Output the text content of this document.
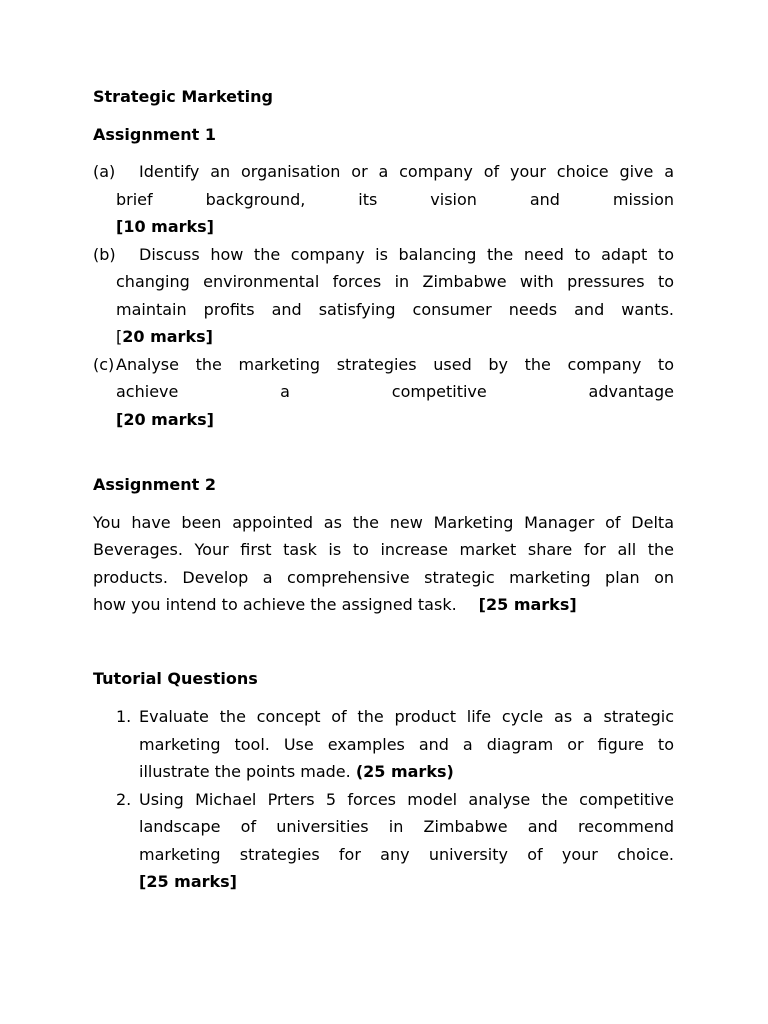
Strategic Marketing

Assignment 1

(a) Identify an organisation or a company of your choice give a

brief background, its vision and mission

[10 marks]

(b) Discuss how the company is balancing the need to adapt to

changing environmental forces in Zimbabwe with pressures to

maintain profits and satisfying consumer needs and wants.

[20 marks]

(c) Analyse the marketing strategies used by the company to

achieve a competitive advantage

[20 marks]

Assignment 2

You have been appointed as the new Marketing Manager of Delta

Beverages. Your first task is to increase market share for all the

products. Develop a comprehensive strategic marketing plan on

how you intend to achieve the assigned task. [25 marks]

Tutorial Questions

1. Evaluate the concept of the product life cycle as a strategic

marketing tool. Use examples and a diagram or figure to

illustrate the points made. (25 marks)

2. Using Michael Prters 5 forces model analyse the competitive

landscape of universities in Zimbabwe and recommend

marketing strategies for any university of your choice.

[25 marks]
